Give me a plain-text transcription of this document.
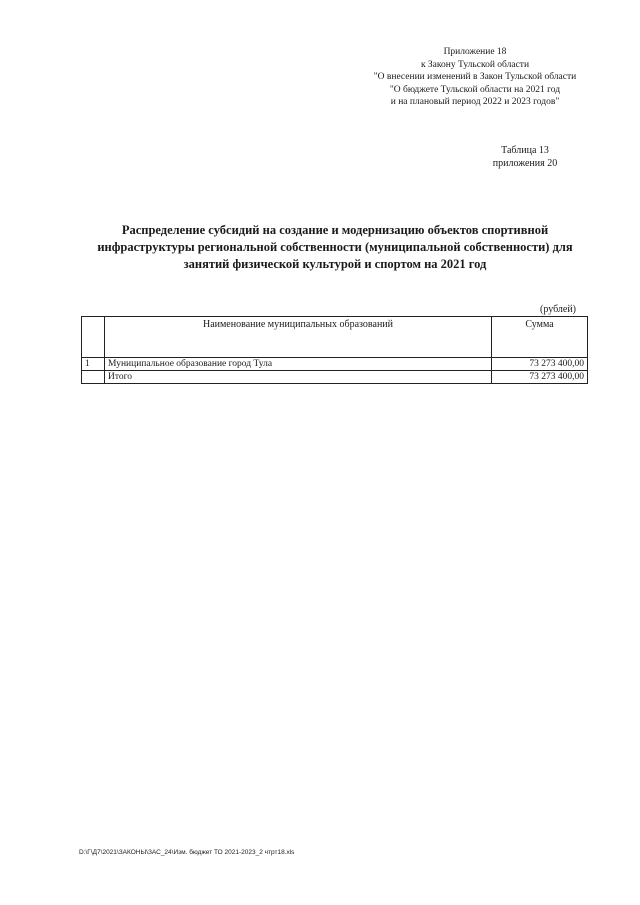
Приложение 18
к Закону Тульской области
"О внесении изменений в Закон Тульской области
"О бюджете Тульской области на 2021 год
и на плановый период 2022 и 2023 годов"
Таблица 13
приложения 20
Распределение субсидий на создание и модернизацию объектов спортивной
инфраструктуры региональной собственности (муниципальной собственности) для
занятий физической культурой и спортом на 2021 год
(рублей)
	Наименование муниципальных образований	Сумма
1	Муниципальное образование город Тула	73 273 400,00
	Итого	73 273 400,00
D:\Г\Д7\2021\ЗАКОНЫ\ЗАС_24\Изм. бюджет ТО 2021-2023_2 чтрт18.xls
